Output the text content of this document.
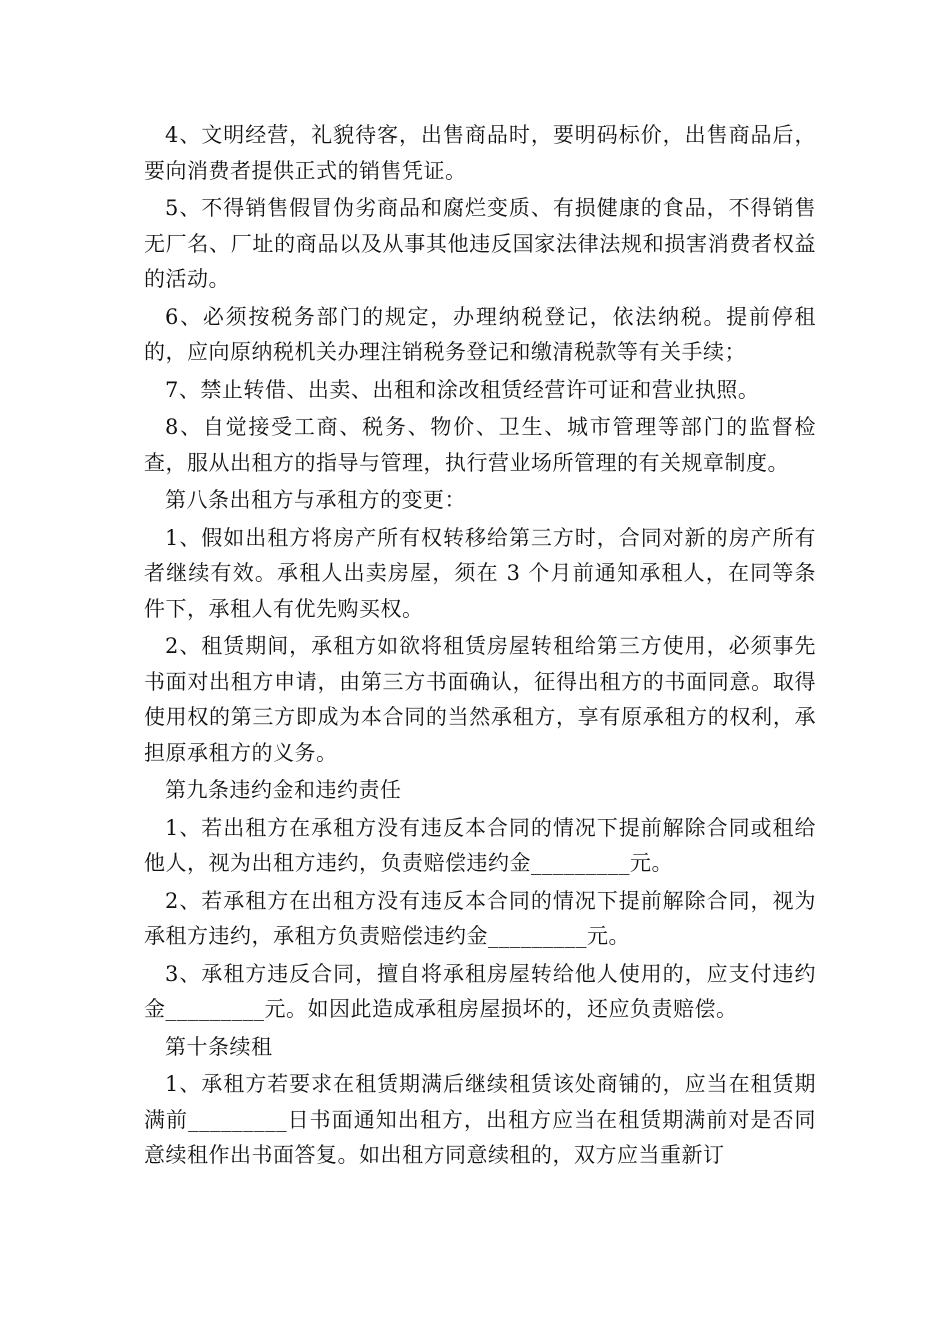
4、文明经营，礼貌待客，出售商品时，要明码标价，出售商品后，要向消费者提供正式的销售凭证。

5、不得销售假冒伪劣商品和腐烂变质、有损健康的食品，不得销售无厂名、厂址的商品以及从事其他违反国家法律法规和损害消费者权益的活动。

6、必须按税务部门的规定，办理纳税登记，依法纳税。提前停租的，应向原纳税机关办理注销税务登记和缴清税款等有关手续；

7、禁止转借、出卖、出租和涂改租赁经营许可证和营业执照。

8、自觉接受工商、税务、物价、卫生、城市管理等部门的监督检查，服从出租方的指导与管理，执行营业场所管理的有关规章制度。

第八条出租方与承租方的变更：

1、假如出租方将房产所有权转移给第三方时，合同对新的房产所有者继续有效。承租人出卖房屋，须在 3 个月前通知承租人，在同等条件下，承租人有优先购买权。

2、租赁期间，承租方如欲将租赁房屋转租给第三方使用，必须事先书面对出租方申请，由第三方书面确认，征得出租方的书面同意。取得使用权的第三方即成为本合同的当然承租方，享有原承租方的权利，承担原承租方的义务。

第九条违约金和违约责任

1、若出租方在承租方没有违反本合同的情况下提前解除合同或租给他人，视为出租方违约，负责赔偿违约金_________元。

2、若承租方在出租方没有违反本合同的情况下提前解除合同，视为承租方违约，承租方负责赔偿违约金_________元。

3、承租方违反合同，擅自将承租房屋转给他人使用的，应支付违约金_________元。如因此造成承租房屋损坏的，还应负责赔偿。

第十条续租

1、承租方若要求在租赁期满后继续租赁该处商铺的，应当在租赁期满前_________日书面通知出租方，出租方应当在租赁期满前对是否同意续租作出书面答复。如出租方同意续租的，双方应当重新订
